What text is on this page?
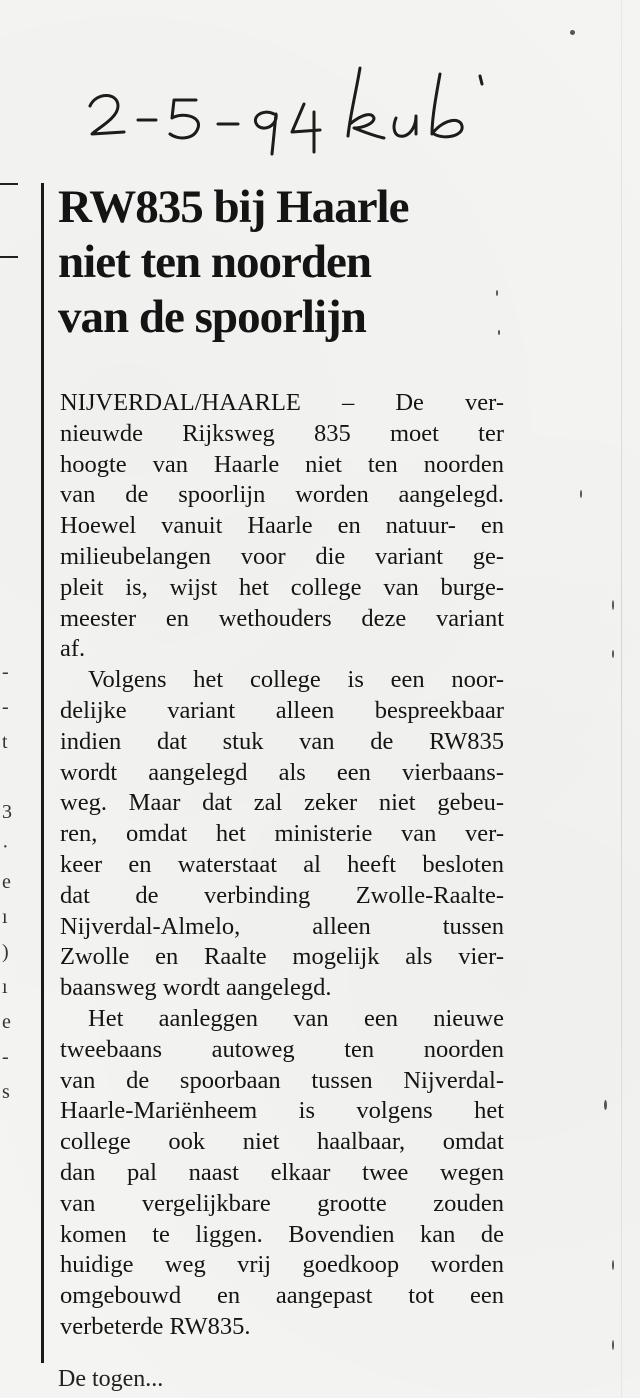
-
-
t
3
·
e
ı
)
ı
e
-
s
RW835 bij Haarle
niet ten noorden
van de spoorlijn
NIJVERDAL/HAARLE – De ver-
nieuwde Rijksweg 835 moet ter
hoogte van Haarle niet ten noorden
van de spoorlijn worden aangelegd.
Hoewel vanuit Haarle en natuur- en
milieubelangen voor die variant ge-
pleit is, wijst het college van burge-
meester en wethouders deze variant
af.
Volgens het college is een noor-
delijke variant alleen bespreekbaar
indien dat stuk van de RW835
wordt aangelegd als een vierbaans-
weg. Maar dat zal zeker niet gebeu-
ren, omdat het ministerie van ver-
keer en waterstaat al heeft besloten
dat de verbinding Zwolle-Raalte-
Nijverdal-Almelo, alleen tussen
Zwolle en Raalte mogelijk als vier-
baansweg wordt aangelegd.
Het aanleggen van een nieuwe
tweebaans autoweg ten noorden
van de spoorbaan tussen Nijverdal-
Haarle-Mariënheem is volgens het
college ook niet haalbaar, omdat
dan pal naast elkaar twee wegen
van vergelijkbare grootte zouden
komen te liggen. Bovendien kan de
huidige weg vrij goedkoop worden
omgebouwd en aangepast tot een
verbeterde RW835.
De togen...
